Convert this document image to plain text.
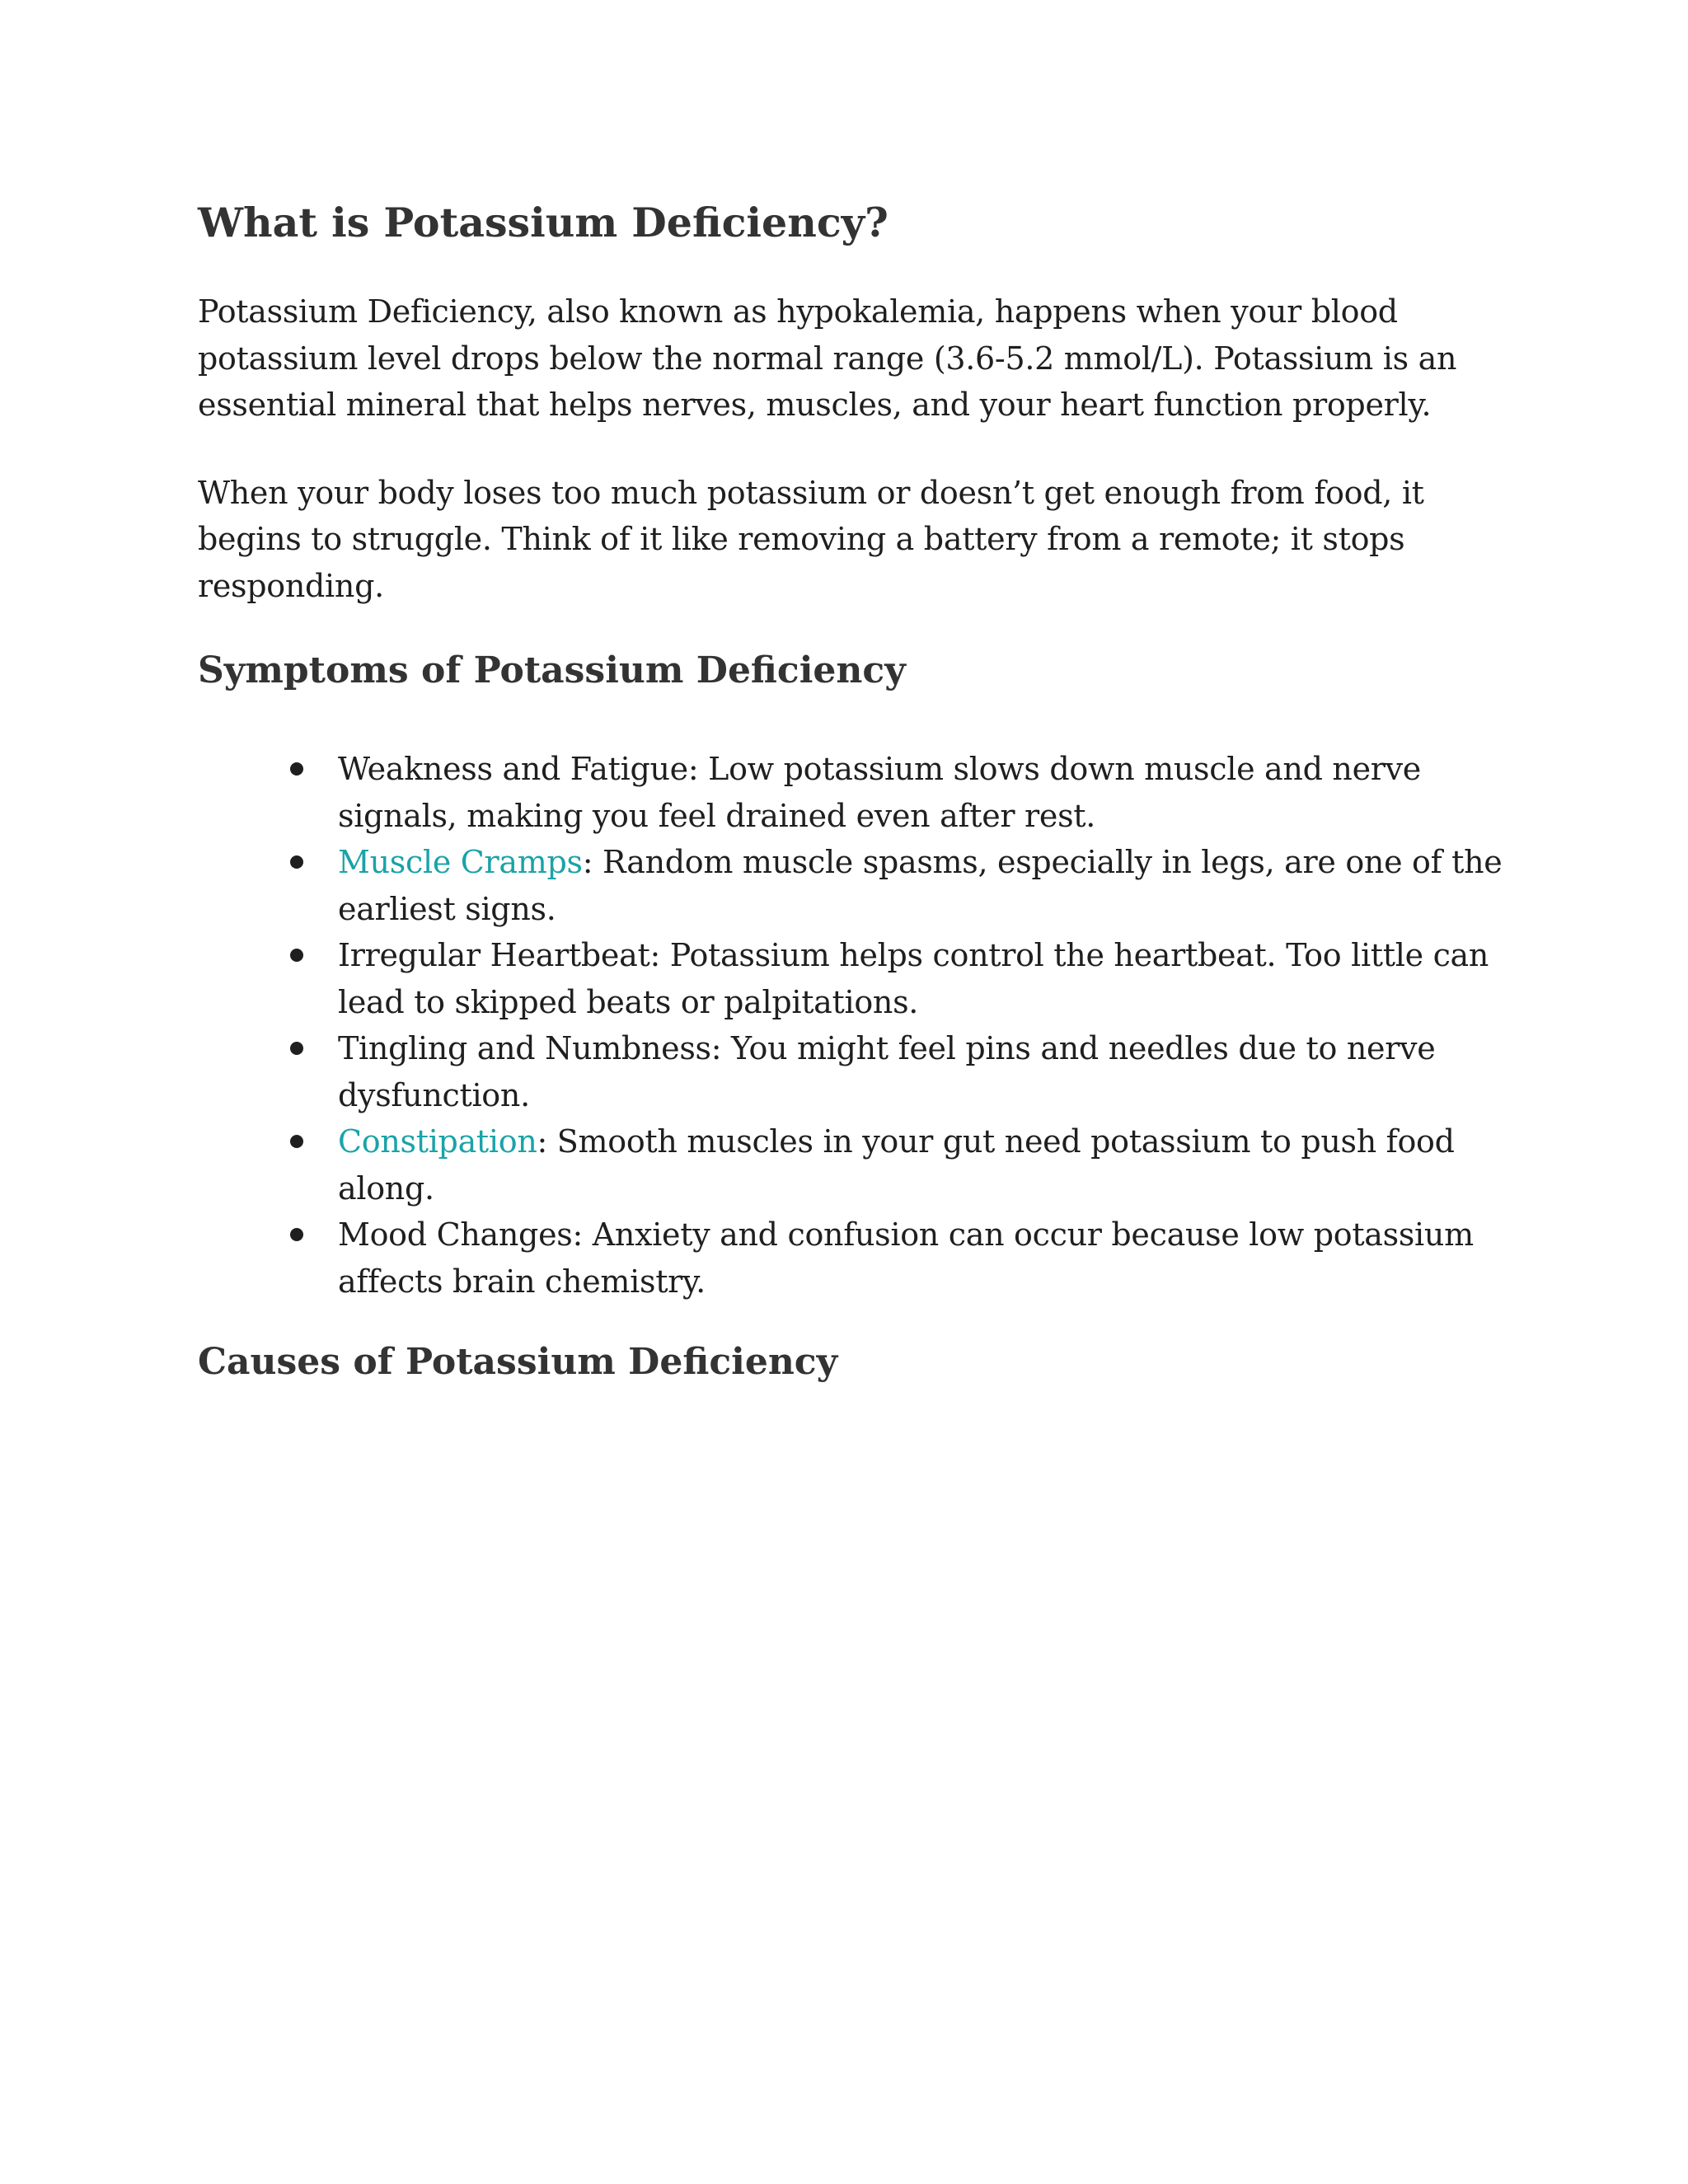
What is Potassium Deficiency?

Potassium Deficiency, also known as hypokalemia, happens when your blood potassium level drops below the normal range (3.6-5.2 mmol/L). Potassium is an essential mineral that helps nerves, muscles, and your heart function properly.

When your body loses too much potassium or doesn’t get enough from food, it begins to struggle. Think of it like removing a battery from a remote; it stops responding.

Symptoms of Potassium Deficiency
Weakness and Fatigue: Low potassium slows down muscle and nerve signals, making you feel drained even after rest.
Muscle Cramps: Random muscle spasms, especially in legs, are one of the earliest signs.
Irregular Heartbeat: Potassium helps control the heartbeat. Too little can lead to skipped beats or palpitations.
Tingling and Numbness: You might feel pins and needles due to nerve dysfunction.
Constipation: Smooth muscles in your gut need potassium to push food along.
Mood Changes: Anxiety and confusion can occur because low potassium affects brain chemistry.
Causes of Potassium Deficiency
